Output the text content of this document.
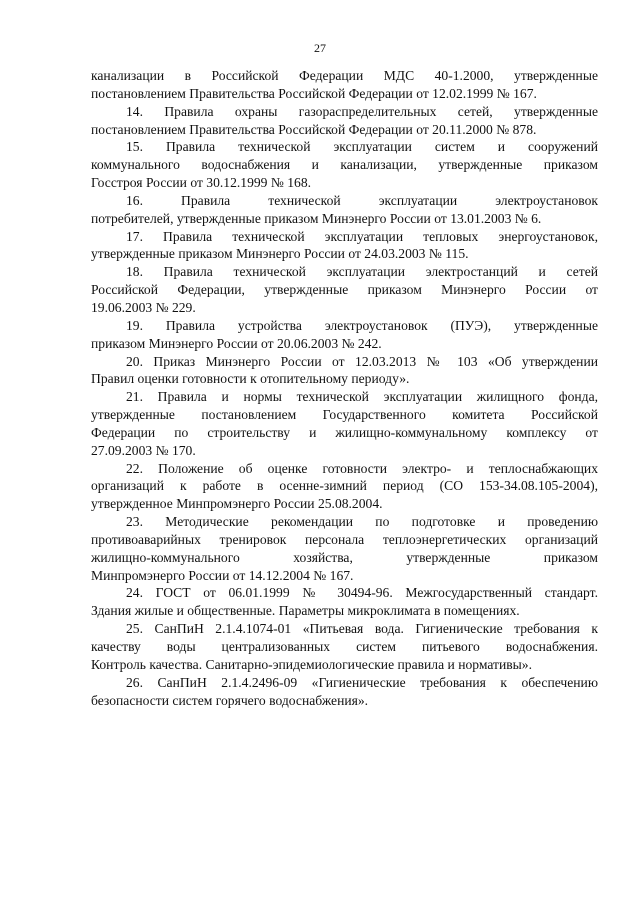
27
канализации в Российской Федерации МДС 40-1.2000, утвержденные
постановлением Правительства Российской Федерации от 12.02.1999 № 167.
14. Правила охраны газораспределительных сетей, утвержденные
постановлением Правительства Российской Федерации от 20.11.2000 № 878.
15. Правила технической эксплуатации систем и сооружений
коммунального водоснабжения и канализации, утвержденные приказом
Госстроя России от 30.12.1999 № 168.
16. Правила технической эксплуатации электроустановок
потребителей, утвержденные приказом Минэнерго России от 13.01.2003 № 6.
17. Правила технической эксплуатации тепловых энергоустановок,
утвержденные приказом Минэнерго России от 24.03.2003 № 115.
18. Правила технической эксплуатации электростанций и сетей
Российской Федерации, утвержденные приказом Минэнерго России от
19.06.2003 № 229.
19. Правила устройства электроустановок (ПУЭ), утвержденные
приказом Минэнерго России от 20.06.2003 № 242.
20. Приказ Минэнерго России от 12.03.2013 № 103 «Об утверждении
Правил оценки готовности к отопительному периоду».
21. Правила и нормы технической эксплуатации жилищного фонда,
утвержденные постановлением Государственного комитета Российской
Федерации по строительству и жилищно-коммунальному комплексу от
27.09.2003 № 170.
22. Положение об оценке готовности электро- и теплоснабжающих
организаций к работе в осенне-зимний период (СО 153-34.08.105-2004),
утвержденное Минпромэнерго России 25.08.2004.
23. Методические рекомендации по подготовке и проведению
противоаварийных тренировок персонала теплоэнергетических организаций
жилищно-коммунального хозяйства, утвержденные приказом
Минпромэнерго России от 14.12.2004 № 167.
24. ГОСТ от 06.01.1999 № 30494-96. Межгосударственный стандарт.
Здания жилые и общественные. Параметры микроклимата в помещениях.
25. СанПиН 2.1.4.1074-01 «Питьевая вода. Гигиенические требования к
качеству воды централизованных систем питьевого водоснабжения.
Контроль качества. Санитарно-эпидемиологические правила и нормативы».
26. СанПиН 2.1.4.2496-09 «Гигиенические требования к обеспечению
безопасности систем горячего водоснабжения».
